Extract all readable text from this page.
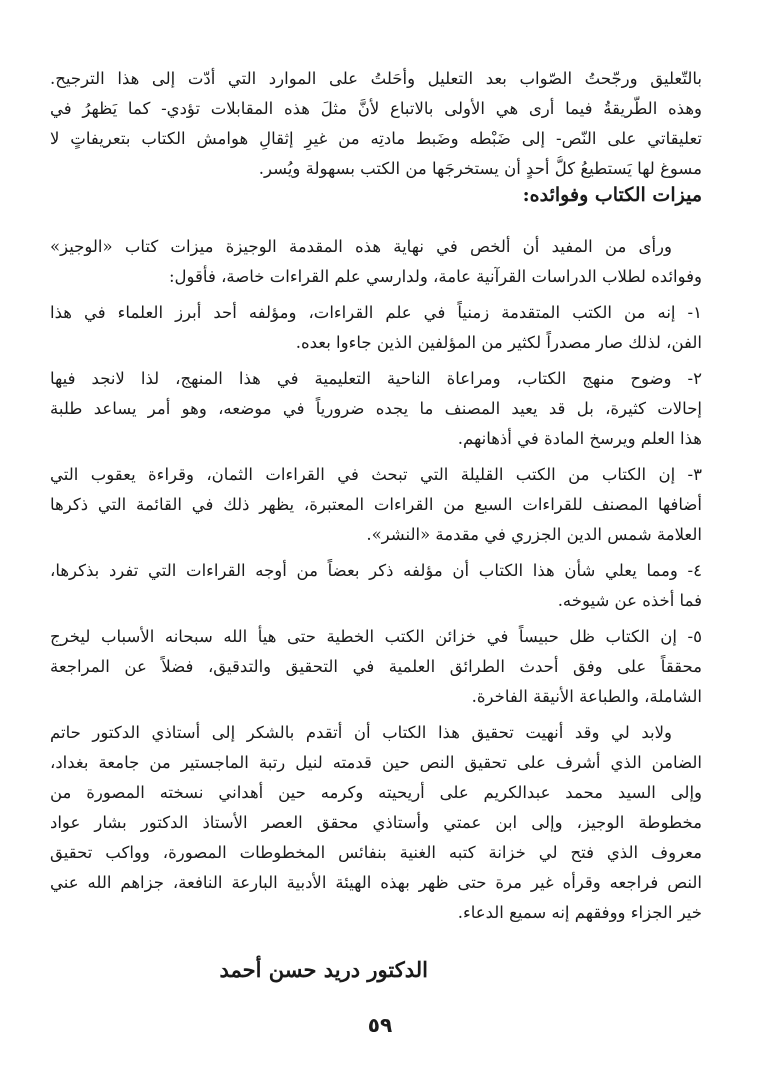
بالتّعليق ورجّحتُ الصّواب بعد التعليل وأحَلتُ على الموارد التي أدّت إلى هذا الترجيح.
وهذه الطَّريقةُ فيما أرى هي الأولى بالاتباع لأنَّ مثلَ هذه المقابلات تؤدي- كما يَظهرُ في
تعليقاتي على النّص- إلى ضَبْطه وضَبط مادتِه من غيرِ إثقالِ هوامش الكتاب بتعريفاتٍ لا
مسوغ لها يَستطيعُ كلُّ أحدٍ أن يستخرجَها من الكتب بسهولة ويُسر.
ميزات الكتاب وفوائده:
ورأى من المفيد أن ألخص في نهاية هذه المقدمة الوجيزة ميزات كتاب «الوجيز»
وفوائده لطلاب الدراسات القرآنية عامة، ولدارسي علم القراءات خاصة، فأقول:
١- إنه من الكتب المتقدمة زمنياً في علم القراءات، ومؤلفه أحد أبرز العلماء في هذا
الفن، لذلك صار مصدراً لكثير من المؤلفين الذين جاءوا بعده.
٢- وضوح منهج الكتاب، ومراعاة الناحية التعليمية في هذا المنهج، لذا لانجد فيها
إحالات كثيرة، بل قد يعيد المصنف ما يجده ضرورياً في موضعه، وهو أمر يساعد طلبة
هذا العلم ويرسخ المادة في أذهانهم.
٣- إن الكتاب من الكتب القليلة التي تبحث في القراءات الثمان، وقراءة يعقوب التي
أضافها المصنف للقراءات السبع من القراءات المعتبرة، يظهر ذلك في القائمة التي ذكرها
العلامة شمس الدين الجزري في مقدمة «النشر».
٤- ومما يعلي شأن هذا الكتاب أن مؤلفه ذكر بعضاً من أوجه القراءات التي تفرد بذكرها،
فما أخذه عن شيوخه.
٥- إن الكتاب ظل حبيساً في خزائن الكتب الخطية حتى هيأ الله سبحانه الأسباب ليخرج
محققاً على وفق أحدث الطرائق العلمية في التحقيق والتدقيق، فضلاً عن المراجعة
الشاملة، والطباعة الأنيقة الفاخرة.
ولابد لي وقد أنهيت تحقيق هذا الكتاب أن أتقدم بالشكر إلى أستاذي الدكتور حاتم
الضامن الذي أشرف على تحقيق النص حين قدمته لنيل رتبة الماجستير من جامعة بغداد،
وإلى السيد محمد عبدالكريم على أريحيته وكرمه حين أهداني نسخته المصورة من
مخطوطة الوجيز، وإلى ابن عمتي وأستاذي محقق العصر الأستاذ الدكتور بشار عواد
معروف الذي فتح لي خزانة كتبه الغنية بنفائس المخطوطات المصورة، وواكب تحقيق
النص فراجعه وقرأه غير مرة حتى ظهر بهذه الهيئة الأدبية البارعة النافعة، جزاهم الله عني
خير الجزاء ووفقهم إنه سميع الدعاء.
الدكتور دريد حسن أحمد
٥٩
